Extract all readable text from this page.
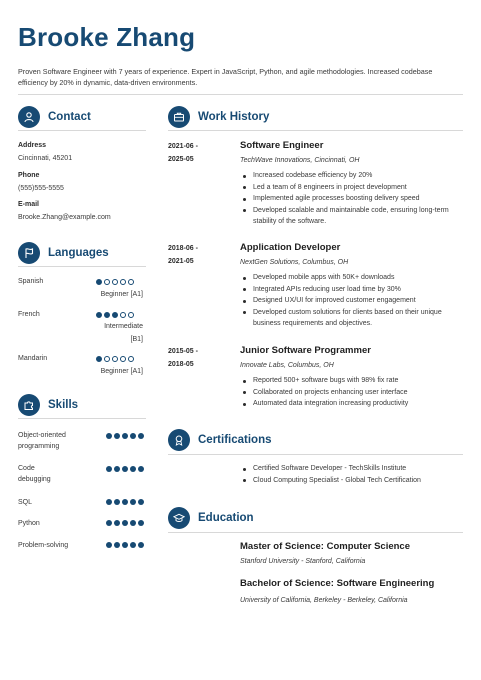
Brooke Zhang
Proven Software Engineer with 7 years of experience. Expert in JavaScript, Python, and agile methodologies. Increased codebase efficiency by 20% in dynamic, data-driven environments.
Contact
Address
Cincinnati, 45201
Phone
(555)555-5555
E-mail
Brooke.Zhang@example.com
Languages
Spanish
Beginner [A1]
French
Intermediate
[B1]
Mandarin
Beginner [A1]
Skills
Object-oriented
programming
Code
debugging
SQL
Python
Problem-solving
Work History
2021-06 -
2025-05
Software Engineer
TechWave Innovations, Cincinnati, OH
Increased codebase efficiency by 20%
Led a team of 8 engineers in project development
Implemented agile processes boosting delivery speed
Developed scalable and maintainable code, ensuring long-term stability of the software.
2018-06 -
2021-05
Application Developer
NextGen Solutions, Columbus, OH
Developed mobile apps with 50K+ downloads
Integrated APIs reducing user load time by 30%
Designed UX/UI for improved customer engagement
Developed custom solutions for clients based on their unique business requirements and objectives.
2015-05 -
2018-05
Junior Software Programmer
Innovate Labs, Columbus, OH
Reported 500+ software bugs with 98% fix rate
Collaborated on projects enhancing user interface
Automated data integration increasing productivity
Certifications
Certified Software Developer - TechSkills Institute
Cloud Computing Specialist - Global Tech Certification
Education
Master of Science: Computer Science
Stanford University - Stanford, California
Bachelor of Science: Software Engineering
University of California, Berkeley - Berkeley, California
